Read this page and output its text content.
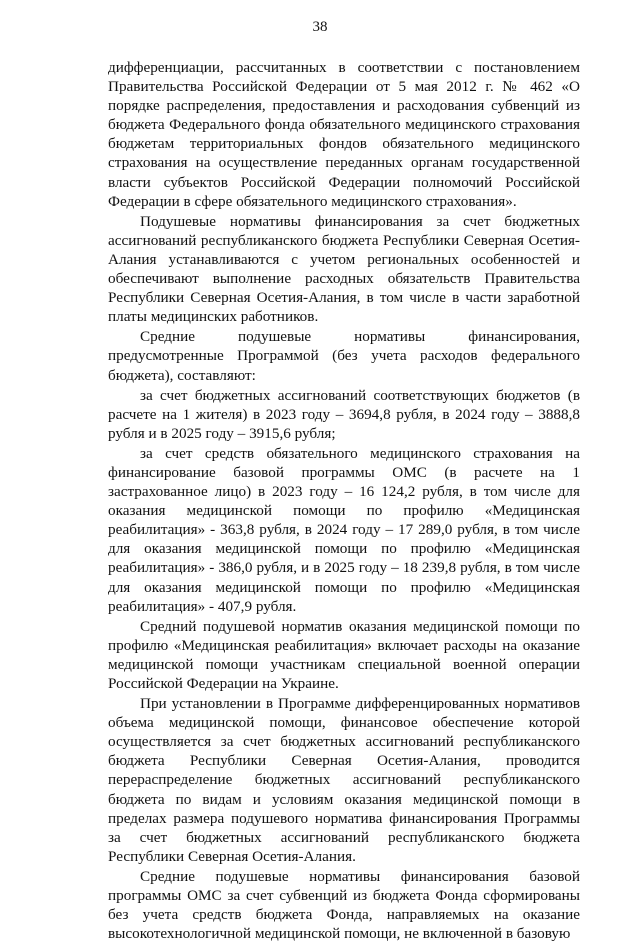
38

дифференциации, рассчитанных в соответствии с постановлением Правительства Российской Федерации от 5 мая 2012 г. № 462 «О порядке распределения, предоставления и расходования субвенций из бюджета Федерального фонда обязательного медицинского страхования бюджетам территориальных фондов обязательного медицинского страхования на осуществление переданных органам государственной власти субъектов Российской Федерации полномочий Российской Федерации в сфере обязательного медицинского страхования».

Подушевые нормативы финансирования за счет бюджетных ассигнований республиканского бюджета Республики Северная Осетия-Алания устанавливаются с учетом региональных особенностей и обеспечивают выполнение расходных обязательств Правительства Республики Северная Осетия-Алания, в том числе в части заработной платы медицинских работников.

Средние подушевые нормативы финансирования, предусмотренные Программой (без учета расходов федерального бюджета), составляют:

за счет бюджетных ассигнований соответствующих бюджетов (в расчете на 1 жителя) в 2023 году – 3694,8 рубля, в 2024 году – 3888,8 рубля и в 2025 году – 3915,6 рубля;

за счет средств обязательного медицинского страхования на финансирование базовой программы ОМС (в расчете на 1 застрахованное лицо) в 2023 году – 16 124,2 рубля, в том числе для оказания медицинской помощи по профилю «Медицинская реабилитация» - 363,8 рубля, в 2024 году – 17 289,0 рубля, в том числе для оказания медицинской помощи по профилю «Медицинская реабилитация» - 386,0 рубля, и в 2025 году – 18 239,8 рубля, в том числе для оказания медицинской помощи по профилю «Медицинская реабилитация» - 407,9 рубля.

Средний подушевой норматив оказания медицинской помощи по профилю «Медицинская реабилитация» включает расходы на оказание медицинской помощи участникам специальной военной операции Российской Федерации на Украине.

При установлении в Программе дифференцированных нормативов объема медицинской помощи, финансовое обеспечение которой осуществляется за счет бюджетных ассигнований республиканского бюджета Республики Северная Осетия-Алания, проводится перераспределение бюджетных ассигнований республиканского бюджета по видам и условиям оказания медицинской помощи в пределах размера подушевого норматива финансирования Программы за счет бюджетных ассигнований республиканского бюджета Республики Северная Осетия-Алания.

Средние подушевые нормативы финансирования базовой программы ОМС за счет субвенций из бюджета Фонда сформированы без учета средств бюджета Фонда, направляемых на оказание высокотехнологичной медицинской помощи, не включенной в базовую
